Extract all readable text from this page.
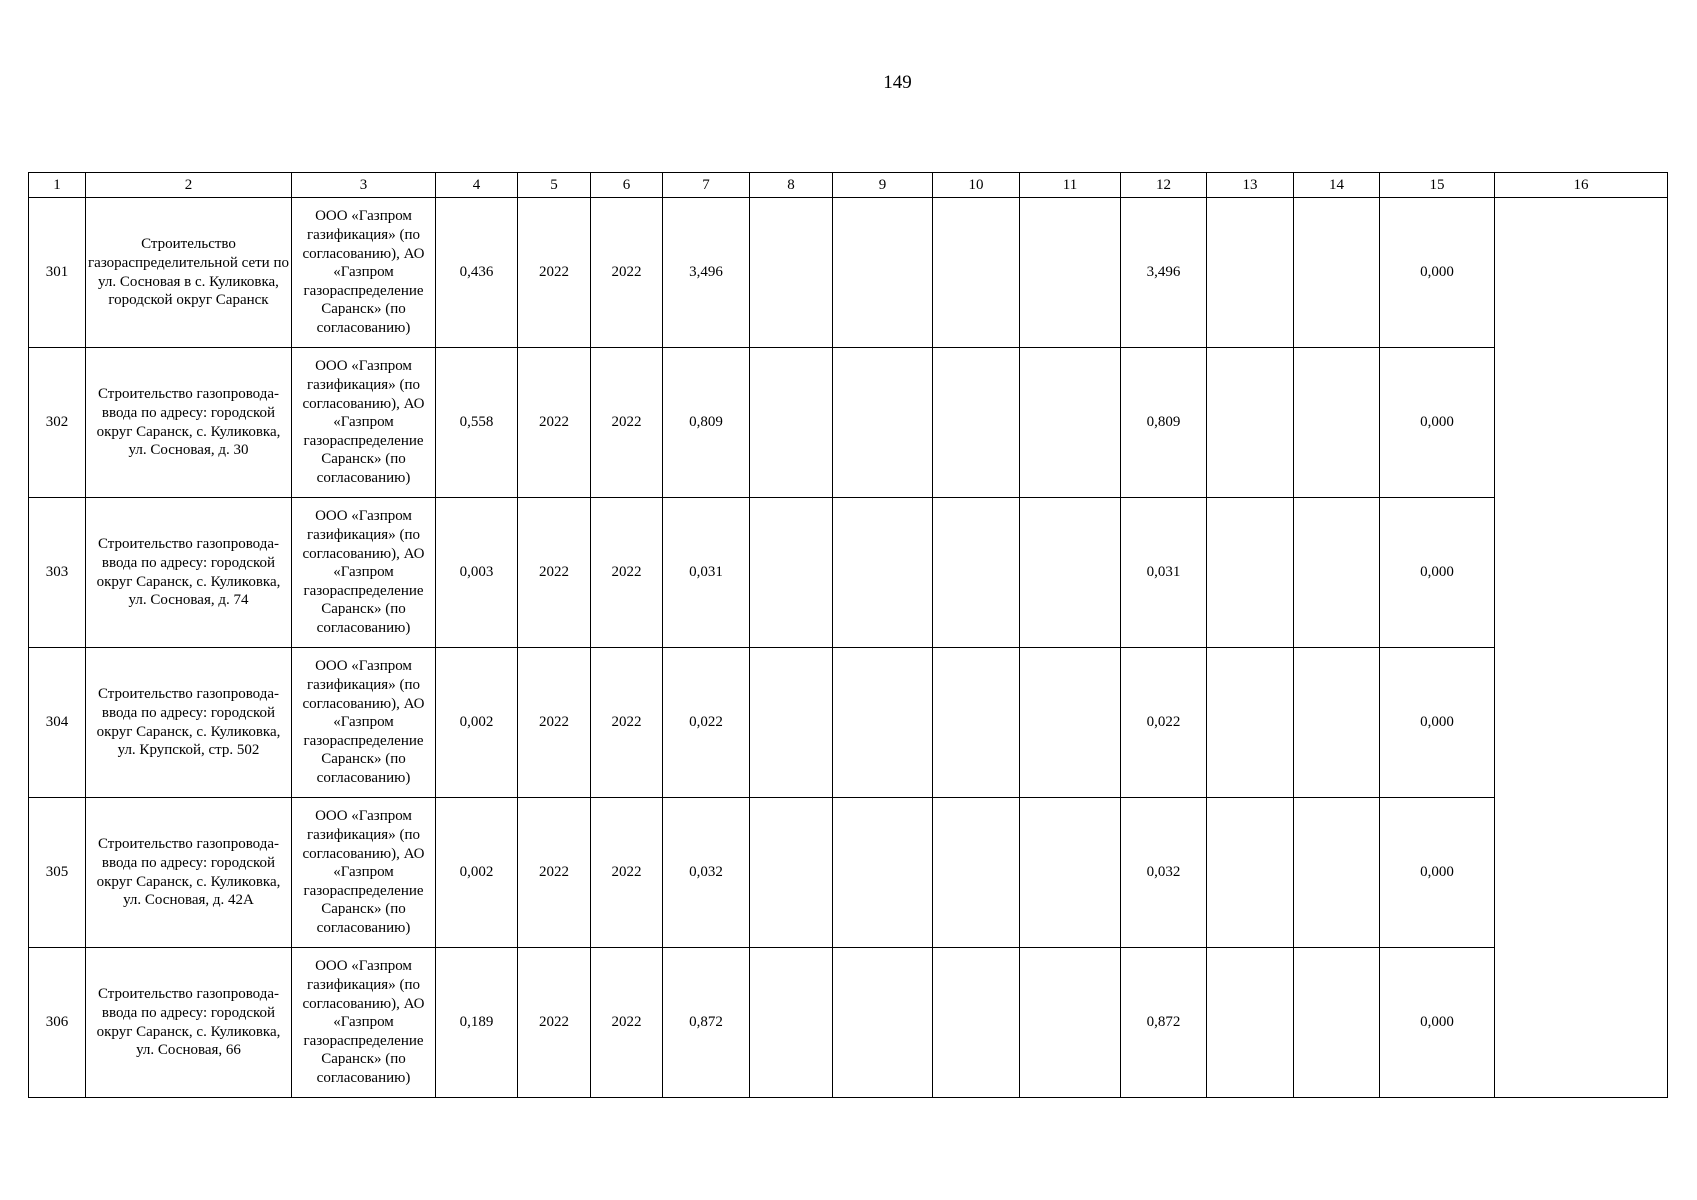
149
1	2	3	4	5	6	7	8	9	10	11	12	13	14	15	16
301	Строительство газораспределительной сети по ул. Сосновая в с. Куликовка, городской округ Саранск	ООО «Газпром газификация» (по согласованию), АО «Газпром газораспределение Саранск» (по согласованию)	0,436	2022	2022	3,496					3,496			0,000	
302	Строительство газопровода-ввода по адресу: городской округ Саранск, с. Куликовка, ул. Сосновая, д. 30	ООО «Газпром газификация» (по согласованию), АО «Газпром газораспределение Саранск» (по согласованию)	0,558	2022	2022	0,809					0,809			0,000	
303	Строительство газопровода-ввода по адресу: городской округ Саранск, с. Куликовка, ул. Сосновая, д. 74	ООО «Газпром газификация» (по согласованию), АО «Газпром газораспределение Саранск» (по согласованию)	0,003	2022	2022	0,031					0,031			0,000	
304	Строительство газопровода-ввода по адресу: городской округ Саранск, с. Куликовка, ул. Крупской, стр. 502	ООО «Газпром газификация» (по согласованию), АО «Газпром газораспределение Саранск» (по согласованию)	0,002	2022	2022	0,022					0,022			0,000	
305	Строительство газопровода-ввода по адресу: городской округ Саранск, с. Куликовка, ул. Сосновая, д. 42А	ООО «Газпром газификация» (по согласованию), АО «Газпром газораспределение Саранск» (по согласованию)	0,002	2022	2022	0,032					0,032			0,000	
306	Строительство газопровода-ввода по адресу: городской округ Саранск, с. Куликовка, ул. Сосновая, 66	ООО «Газпром газификация» (по согласованию), АО «Газпром газораспределение Саранск» (по согласованию)	0,189	2022	2022	0,872					0,872			0,000	
